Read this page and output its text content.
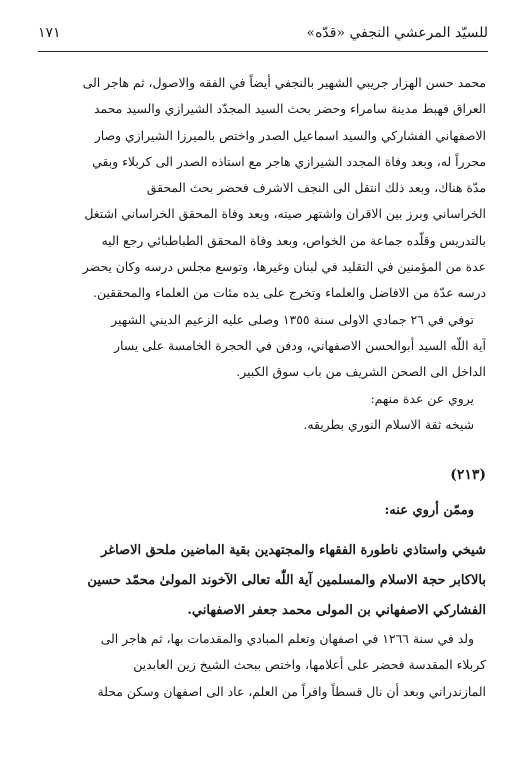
للسيّد المرعشي النجفي «قدّه»
١٧١
محمد حسن الهزار جريبي الشهير بالنجفي أيضاً في الفقه والاصول، ثم هاجر الى
العراق فهبط مدينة سامراء وحضر بحث السيد المجدّد الشيرازي والسيد محمد
الاصفهاني الفشاركي والسيد اسماعيل الصدر واختص بالميرزا الشيرازي وصار
محرراً له، وبعد وفاة المجدد الشيرازي هاجر مع استاذه الصدر الى كربلاء وبقي
مدّة هناك، وبعد ذلك انتقل الى النجف الاشرف فحضر بحث المحقق
الخراساني وبرز بين الاقران واشتهر صيته، وبعد وفاة المحقق الخراساني اشتغل
بالتدريس وقلّده جماعة من الخواص، وبعد وفاة المحقق الطباطبائي رجع اليه
عدة من المؤمنين في التقليد في لبنان وغيرها، وتوسع مجلس درسه وكان يحضر
درسه عدّة من الافاضل والعلماء وتخرج على يده مئات من العلماء والمحققين.
توفي في ٢٦ جمادي الاولى سنة ١٣٥٥ وصلى عليه الزعيم الديني الشهير
آية اللّه السيد أبوالحسن الاصفهاني، ودفن في الحجرة الخامسة على يسار
الداخل الى الصحن الشريف من باب سوق الكبير.
يروي عن عدة منهم:
شيخه ثقة الاسلام النوري بطريقه.
(٢١٣)
وممّن أروي عنه:
شيخي واستاذي ناطورة الفقهاء والمجتهدين بقية الماضين ملحق الاصاغر
بالاكابر حجة الاسلام والمسلمين آية اللّٰه تعالى الآخوند المولىٰ محمّد حسين
الفشاركي الاصفهاني بن المولى محمد جعفر الاصفهاني.
ولد في سنة ١٢٦٦ في اصفهان وتعلم المبادي والمقدمات بها، ثم هاجر الى
كربلاء المقدسة فحضر على أعلامها، واختص ببحث الشيخ زين العابدين
المازندراني وبعد أن نال قسطاً وافراً من العلم، عاد الى اصفهان وسكن محلة
